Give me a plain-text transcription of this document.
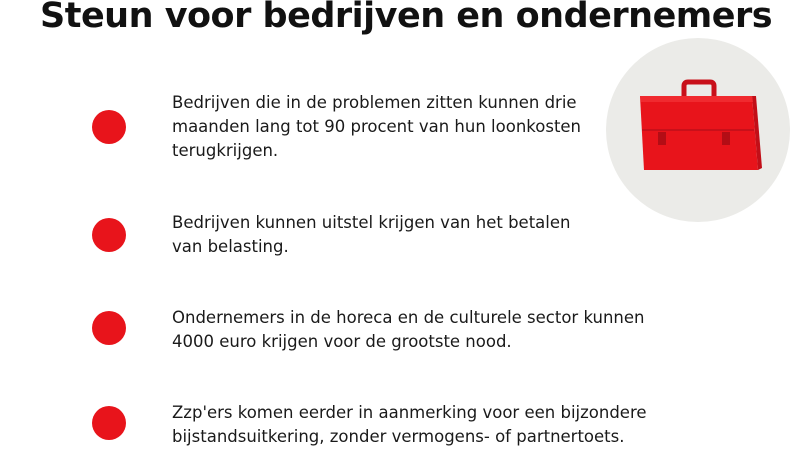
Steun voor bedrijven en ondernemers

Bedrijven die in de problemen zitten kunnen drie
maanden lang tot 90 procent van hun loonkosten
terugkrijgen.

Bedrijven kunnen uitstel krijgen van het betalen
van belasting.

Ondernemers in de horeca en de culturele sector kunnen
4000 euro krijgen voor de grootste nood.

Zzp'ers komen eerder in aanmerking voor een bijzondere
bijstandsuitkering, zonder vermogens- of partnertoets.
